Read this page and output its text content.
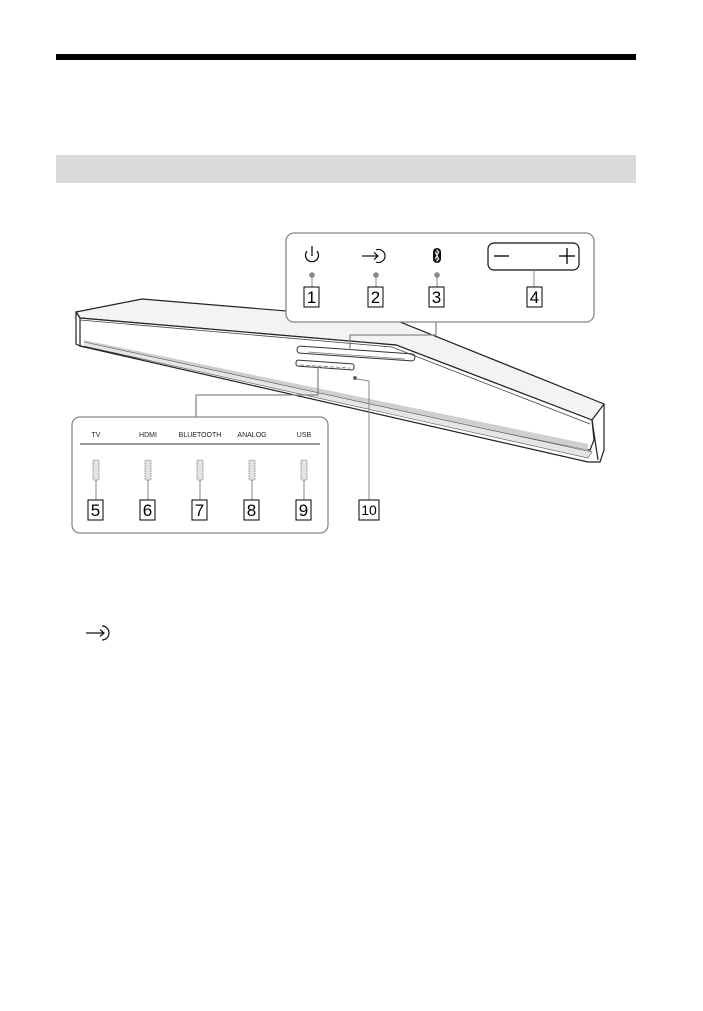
1	2	3	4
TV	HDMI	BLUETOOTH ANALOG	USB
5	6	7	8	9	10
